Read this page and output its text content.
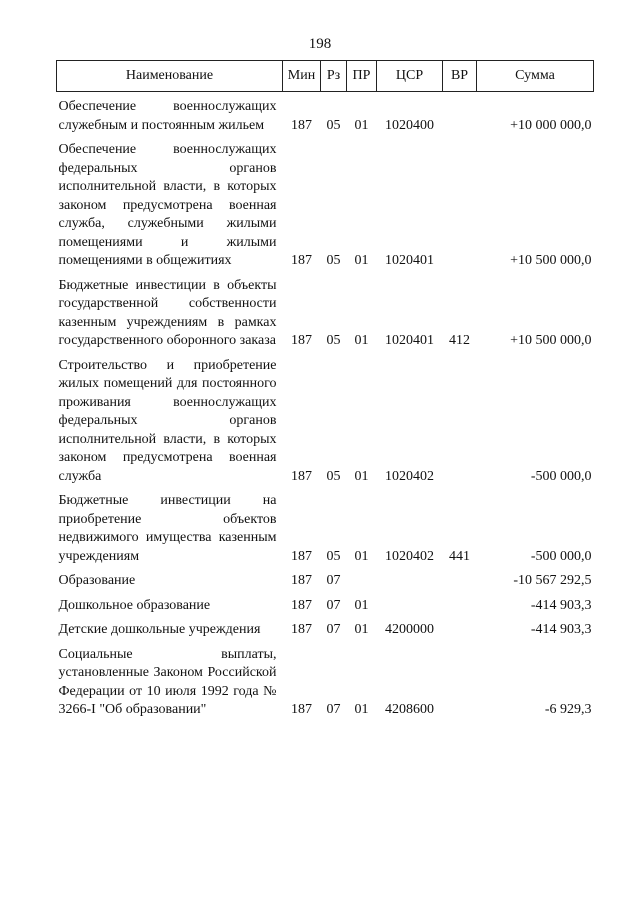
198
Наименование	Мин	Рз	ПР	ЦСР	ВР	Сумма
Обеспечение военнослужащих служебным и постоянным жильем	187	05	01	1020400		+10 000 000,0
Обеспечение военнослужащих федеральных органов исполнительной власти, в которых законом предусмотрена военная служба, служебными жилыми помещениями и жилыми помещениями в общежитиях	187	05	01	1020401		+10 500 000,0
Бюджетные инвестиции в объекты государственной собственности казенным учреждениям в рамках государственного оборонного заказа	187	05	01	1020401	412	+10 500 000,0
Строительство и приобретение жилых помещений для постоянного проживания военнослужащих федеральных органов исполнительной власти, в которых законом предусмотрена военная служба	187	05	01	1020402		-500 000,0
Бюджетные инвестиции на приобретение объектов недвижимого имущества казенным учреждениям	187	05	01	1020402	441	-500 000,0
Образование	187	07				-10 567 292,5
Дошкольное образование	187	07	01			-414 903,3
Детские дошкольные учреждения	187	07	01	4200000		-414 903,3
Социальные выплаты, установленные Законом Российской Федерации от 10 июля 1992 года № 3266-I "Об образовании"	187	07	01	4208600		-6 929,3
